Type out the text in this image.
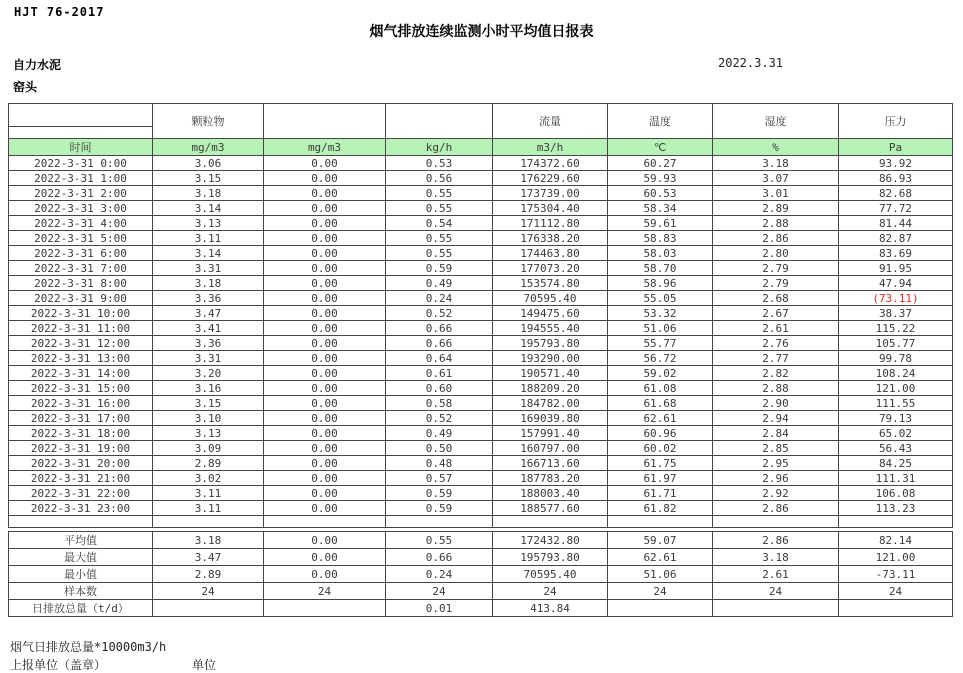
HJT 76-2017
烟气排放连续监测小时平均值日报表
自力水泥
窑头
2022.3.31
	颗粒物			流量	温度	湿度	压力

时间	mg/m3	mg/m3	kg/h	m3/h	℃	%	Pa
2022-3-31 0:00	3.06	0.00	0.53	174372.60	60.27	3.18	93.92
2022-3-31 1:00	3.15	0.00	0.56	176229.60	59.93	3.07	86.93
2022-3-31 2:00	3.18	0.00	0.55	173739.00	60.53	3.01	82.68
2022-3-31 3:00	3.14	0.00	0.55	175304.40	58.34	2.89	77.72
2022-3-31 4:00	3.13	0.00	0.54	171112.80	59.61	2.88	81.44
2022-3-31 5:00	3.11	0.00	0.55	176338.20	58.83	2.86	82.87
2022-3-31 6:00	3.14	0.00	0.55	174463.80	58.03	2.80	83.69
2022-3-31 7:00	3.31	0.00	0.59	177073.20	58.70	2.79	91.95
2022-3-31 8:00	3.18	0.00	0.49	153574.80	58.96	2.79	47.94
2022-3-31 9:00	3.36	0.00	0.24	70595.40	55.05	2.68	(73.11)
2022-3-31 10:00	3.47	0.00	0.52	149475.60	53.32	2.67	38.37
2022-3-31 11:00	3.41	0.00	0.66	194555.40	51.06	2.61	115.22
2022-3-31 12:00	3.36	0.00	0.66	195793.80	55.77	2.76	105.77
2022-3-31 13:00	3.31	0.00	0.64	193290.00	56.72	2.77	99.78
2022-3-31 14:00	3.20	0.00	0.61	190571.40	59.02	2.82	108.24
2022-3-31 15:00	3.16	0.00	0.60	188209.20	61.08	2.88	121.00
2022-3-31 16:00	3.15	0.00	0.58	184782.00	61.68	2.90	111.55
2022-3-31 17:00	3.10	0.00	0.52	169039.80	62.61	2.94	79.13
2022-3-31 18:00	3.13	0.00	0.49	157991.40	60.96	2.84	65.02
2022-3-31 19:00	3.09	0.00	0.50	160797.00	60.02	2.85	56.43
2022-3-31 20:00	2.89	0.00	0.48	166713.60	61.75	2.95	84.25
2022-3-31 21:00	3.02	0.00	0.57	187783.20	61.97	2.96	111.31
2022-3-31 22:00	3.11	0.00	0.59	188003.40	61.71	2.92	106.08
2022-3-31 23:00	3.11	0.00	0.59	188577.60	61.82	2.86	113.23

平均值	3.18	0.00	0.55	172432.80	59.07	2.86	82.14
最大值	3.47	0.00	0.66	195793.80	62.61	3.18	121.00
最小值	2.89	0.00	0.24	70595.40	51.06	2.61	-73.11
样本数	24	24	24	24	24	24	24
日排放总量（t/d）			0.01	413.84			
烟气日排放总量*10000m3/h
上报单位（盖章）	单位
